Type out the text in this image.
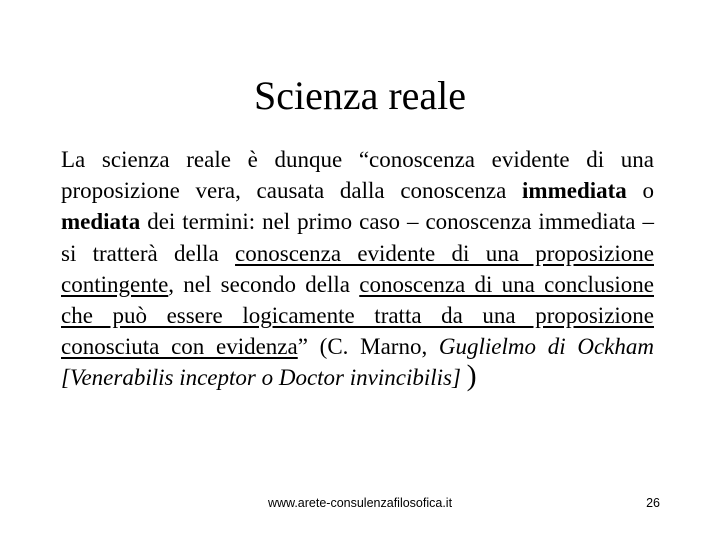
Scienza reale

La scienza reale è dunque “conoscenza evidente di una proposizione vera, causata dalla conoscenza immediata o mediata dei termini: nel primo caso – conoscenza immediata – si tratterà della conoscenza evidente di una proposizione contingente, nel secondo della conoscenza di una conclusione che può essere logicamente tratta da una proposizione conosciuta con evidenza” (C. Marno, Guglielmo di Ockham [Venerabilis inceptor o Doctor invincibilis] )

www.arete-consulenzafilosofica.it	26
